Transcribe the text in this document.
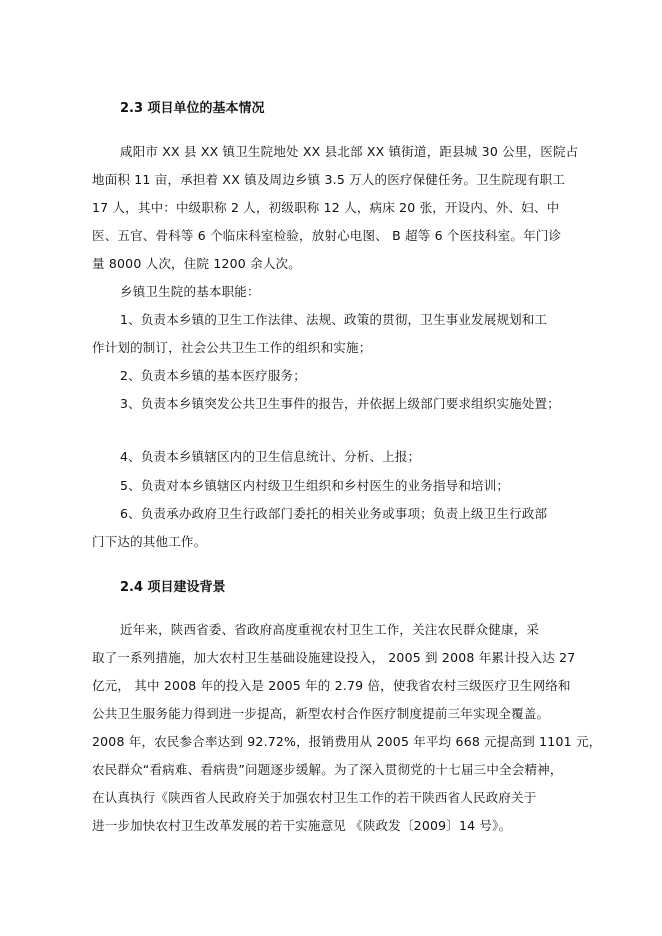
2.3 项目单位的基本情况
咸阳市 XX 县 XX 镇卫生院地处 XX 县北部 XX 镇街道，距县城 30 公里，医院占
地面积 11 亩，承担着 XX 镇及周边乡镇 3.5 万人的医疗保健任务。卫生院现有职工
17 人，其中：中级职称 2 人，初级职称 12 人，病床 20 张，开设内、外、妇、中
医、五官、骨科等 6 个临床科室检验，放射心电图、 B 超等 6 个医技科室。年门诊
量 8000 人次，住院 1200 余人次。
乡镇卫生院的基本职能：
1、负责本乡镇的卫生工作法律、法规、政策的贯彻，卫生事业发展规划和工
作计划的制订，社会公共卫生工作的组织和实施；
2、负责本乡镇的基本医疗服务；
3、负责本乡镇突发公共卫生事件的报告，并依据上级部门要求组织实施处置；
4、负责本乡镇辖区内的卫生信息统计、分析、上报；
5、负责对本乡镇辖区内村级卫生组织和乡村医生的业务指导和培训；
6、负责承办政府卫生行政部门委托的相关业务或事项；负责上级卫生行政部
门下达的其他工作。
2.4 项目建设背景
近年来，陕西省委、省政府高度重视农村卫生工作，关注农民群众健康，采
取了一系列措施，加大农村卫生基础设施建设投入， 2005 到 2008 年累计投入达 27
亿元， 其中 2008 年的投入是 2005 年的 2.79 倍，使我省农村三级医疗卫生网络和
公共卫生服务能力得到进一步提高，新型农村合作医疗制度提前三年实现全覆盖。
2008 年，农民参合率达到 92.72%，报销费用从 2005 年平均 668 元提高到 1101 元，
农民群众“看病难、看病贵”问题逐步缓解。为了深入贯彻党的十七届三中全会精神，
在认真执行《陕西省人民政府关于加强农村卫生工作的若干陕西省人民政府关于
进一步加快农村卫生改革发展的若干实施意见 《陕政发〔2009〕14 号》。
